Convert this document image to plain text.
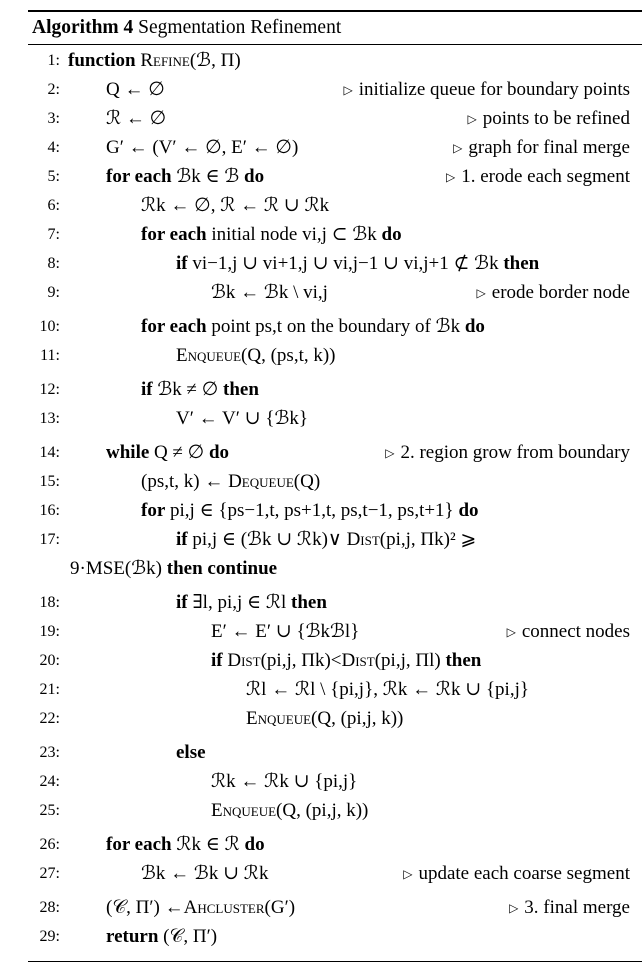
Algorithm 4 Segmentation Refinement
1: function Refine(ℬ, Π)
2: Q ← ∅	▷ initialize queue for boundary points
3: ℛ ← ∅	▷ points to be refined
4: G′ ← (V′ ← ∅, E′ ← ∅)	▷ graph for final merge
5: for each ℬk ∈ ℬ do	▷ 1. erode each segment
6:	ℛk ← ∅, ℛ ← ℛ ∪ ℛk
7:	for each initial node vi,j ⊂ ℬk do
8:	if vi−1,j ∪ vi+1,j ∪ vi,j−1 ∪ vi,j+1 ⊄ ℬk then
9:	ℬk ← ℬk \ vi,j	▷ erode border node
10:	for each point ps,t on the boundary of ℬk do
11:	Enqueue(Q, (ps,t, k))
12:	if ℬk ≠ ∅ then
13:	V′ ← V′ ∪ {ℬk}
14: while Q ≠ ∅ do	▷ 2. region grow from boundary
15:	(ps,t, k) ← Dequeue(Q)
16:	for pi,j ∈ {ps−1,t, ps+1,t, ps,t−1, ps,t+1} do
17:	if pi,j ∈ (ℬk ∪ ℛk)∨ Dist(pi,j, Πk)² ⩾
9·MSE(ℬk) then continue
18:	if ∃l, pi,j ∈ ℛl then
19:	E′ ← E′ ∪ {ℬkℬl}	▷ connect nodes
20:	if Dist(pi,j, Πk)<Dist(pi,j, Πl) then
21:	ℛl ← ℛl \ {pi,j}, ℛk ← ℛk ∪ {pi,j}
22:	Enqueue(Q, (pi,j, k))
23:	else
24:	ℛk ← ℛk ∪ {pi,j}
25:	Enqueue(Q, (pi,j, k))
26: for each ℛk ∈ ℛ do
27:	ℬk ← ℬk ∪ ℛk	▷ update each coarse segment
28: (𝒞, Π′) ←Ahcluster(G′)	▷ 3. final merge
29: return (𝒞, Π′)
